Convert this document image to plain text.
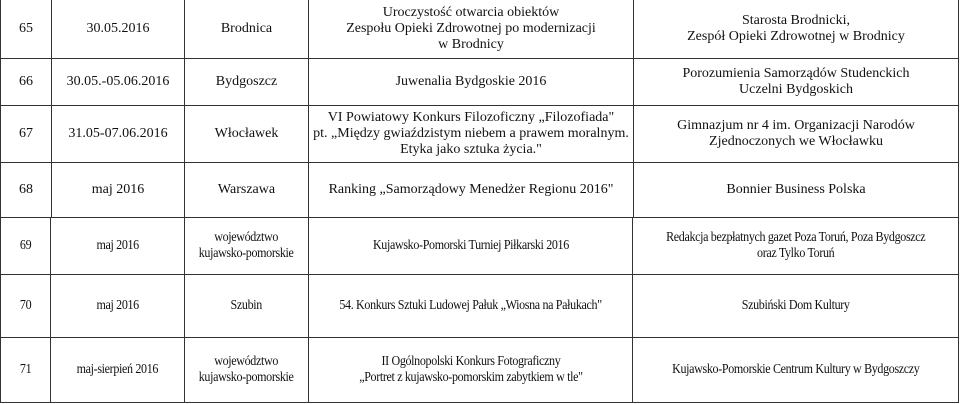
65	30.05.2016	Brodnica	Uroczystość otwarcia obiektów
Zespołu Opieki Zdrowotnej po modernizacji
w Brodnicy	Starosta Brodnicki,
Zespół Opieki Zdrowotnej w Brodnicy

66	30.05.-05.06.2016	Bydgoszcz	Juwenalia Bydgoskie 2016	Porozumienia Samorządów Studenckich
Uczelni Bydgoskich

67	31.05-07.06.2016	Włocławek	VI Powiatowy Konkurs Filozoficzny „Filozofiada"
pt. „Między gwiaździstym niebem a prawem moralnym.
Etyka jako sztuka życia."	Gimnazjum nr 4 im. Organizacji Narodów
Zjednoczonych we Włocławku

68	maj 2016	Warszawa	Ranking „Samorządowy Menedżer Regionu 2016"	Bonnier Business Polska
69	maj 2016	województwo
kujawsko-pomorskie	Kujawsko-Pomorski Turniej Piłkarski 2016	Redakcja bezpłatnych gazet Poza Toruń, Poza Bydgoszcz
oraz Tylko Toruń

70	maj 2016	Szubin	54. Konkurs Sztuki Ludowej Pałuk „Wiosna na Pałukach"	Szubiński Dom Kultury

71	maj-sierpień 2016	województwo
kujawsko-pomorskie	II Ogólnopolski Konkurs Fotograficzny
„Portret z kujawsko-pomorskim zabytkiem w tle"	Kujawsko-Pomorskie Centrum Kultury w Bydgoszczy
